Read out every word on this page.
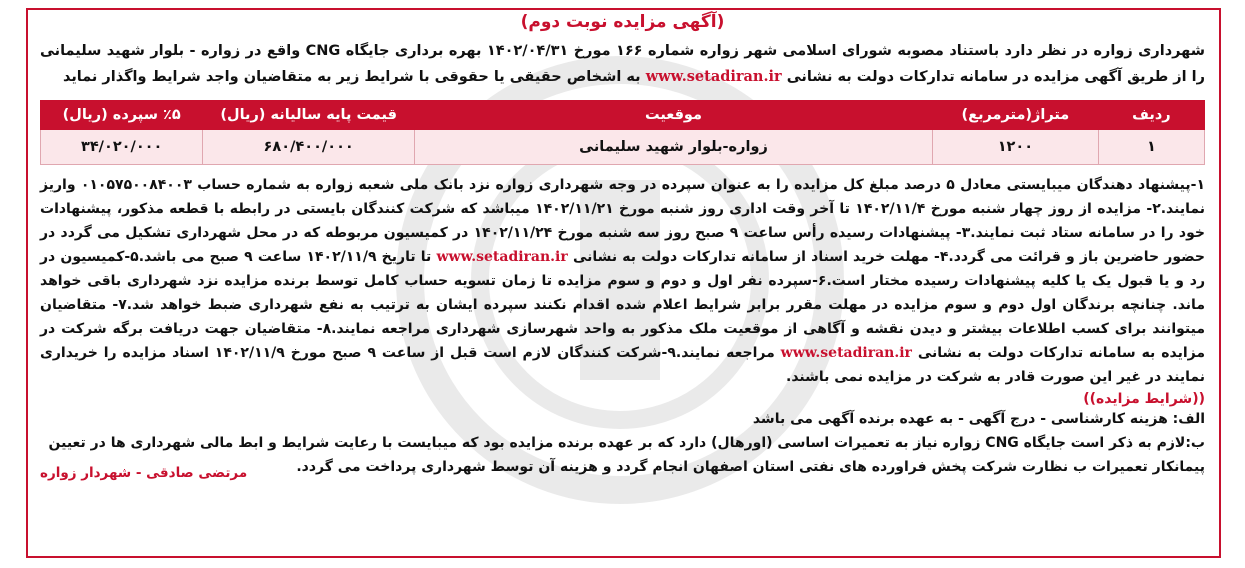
(آگهی مزایده نوبت دوم)
شهرداری زواره در نظر دارد باستناد مصوبه شورای اسلامی شهر زواره شماره ۱۶۶ مورخ ۱۴۰۲/۰۴/۳۱ بهره برداری جایگاه CNG واقع در زواره - بلوار شهید سلیمانی را از طریق آگهی مزایده در سامانه تدارکات دولت به نشانی www.setadiran.ir به اشخاص حقیقی یا حقوقی با شرایط زیر به متقاضیان واجد شرایط واگذار نماید
ردیف	متراژ(مترمربع)	موقعیت	قیمت پایه سالیانه (ریال)	٪۵ سپرده (ریال)
۱	۱۲۰۰	زواره-بلوار شهید سلیمانی	۶۸۰/۴۰۰/۰۰۰	۳۴/۰۲۰/۰۰۰
۱-پیشنهاد دهندگان میبایستی معادل ۵ درصد مبلغ کل مزایده را به عنوان سپرده در وجه شهرداری زواره نزد بانک ملی شعبه زواره به شماره حساب ۰۱۰۵۷۵۰۰۸۴۰۰۳ واریز نمایند.۲- مزایده از روز چهار شنبه مورخ ۱۴۰۲/۱۱/۴ تا آخر وقت اداری روز شنبه مورخ ۱۴۰۲/۱۱/۲۱ میباشد که شرکت کنندگان بایستی در رابطه با قطعه مذکور، پیشنهادات خود را در سامانه ستاد ثبت نمایند.۳- پیشنهادات رسیده رأس ساعت ۹ صبح روز سه شنبه مورخ ۱۴۰۲/۱۱/۲۴ در کمیسیون مربوطه که در محل شهرداری تشکیل می گردد در حضور حاضرین باز و قرائت می گردد.۴- مهلت خرید اسناد از سامانه تدارکات دولت به نشانی www.setadiran.ir تا تاریخ ۱۴۰۲/۱۱/۹ ساعت ۹ صبح می باشد.۵-کمیسیون در رد و یا قبول یک یا کلیه پیشنهادات رسیده مختار است.۶-سپرده نفر اول و دوم و سوم مزایده تا زمان تسویه حساب کامل توسط برنده مزایده نزد شهرداری باقی خواهد ماند. چنانچه برندگان اول دوم و سوم مزایده در مهلت مقرر برابر شرایط اعلام شده اقدام نکنند سپرده ایشان به ترتیب به نفع شهرداری ضبط خواهد شد.۷- متقاضیان میتوانند برای کسب اطلاعات بیشتر و دیدن نقشه و آگاهی از موقعیت ملک مذکور به واحد شهرسازی شهرداری مراجعه نمایند.۸- متقاضیان جهت دریافت برگه شرکت در مزایده به سامانه تدارکات دولت به نشانی www.setadiran.ir مراجعه نمایند.۹-شرکت کنندگان لازم است قبل از ساعت ۹ صبح مورخ ۱۴۰۲/۱۱/۹ اسناد مزایده را خریداری نمایند در غیر این صورت قادر به شرکت در مزایده نمی باشند.
((شرایط مزایده))
الف: هزینه کارشناسی - درج آگهی - به عهده برنده آگهی می باشد
ب:لازم به ذکر است جایگاه CNG زواره نیاز به تعمیرات اساسی (اورهال) دارد که بر عهده برنده مزایده بود که میبایست با رعایت شرایط و ابط مالی شهرداری ها در تعیین پیمانکار تعمیرات ب نظارت شرکت پخش فراورده های نفتی استان اصفهان انجام گردد و هزینه آن توسط شهرداری پرداخت می گردد.
مرتضی صادقی - شهردار زواره
